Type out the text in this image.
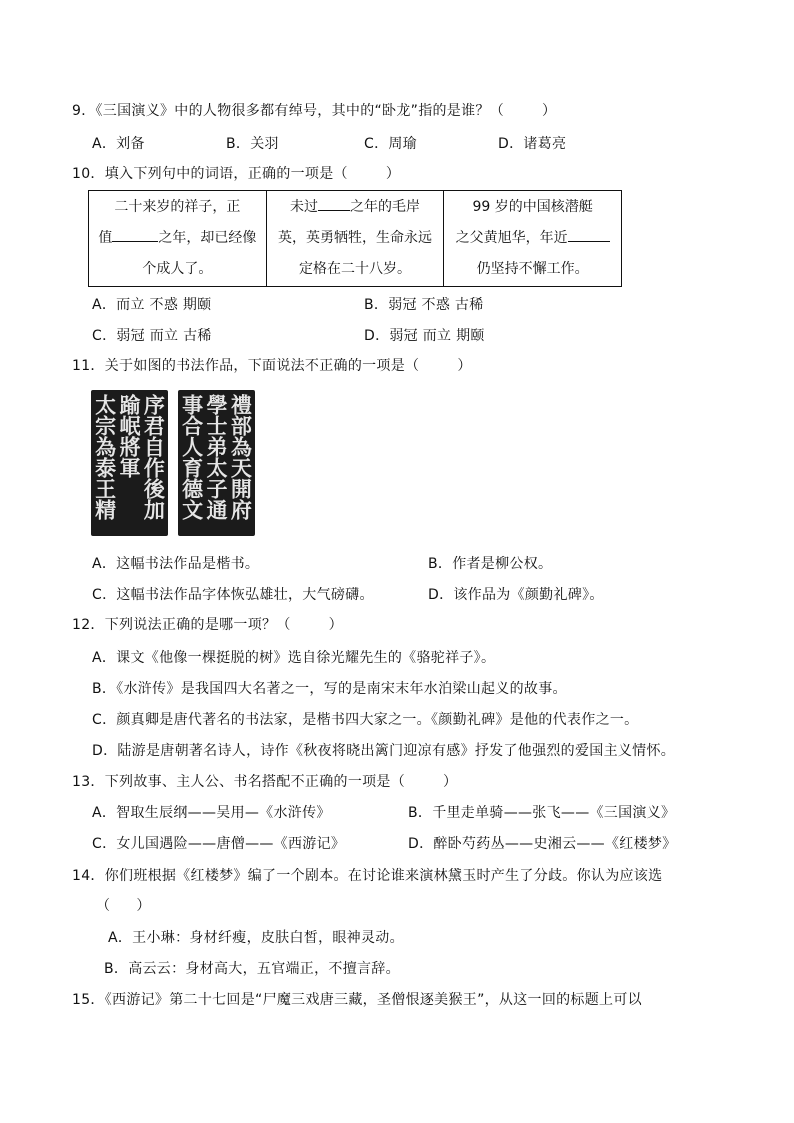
9．《三国演义》中的人物很多都有绰号，其中的“卧龙”指的是谁？（	）
A．刘备	B．关羽	C．周瑜	D．诸葛亮
10．填入下列句中的词语，正确的一项是（	）
二十来岁的祥子，正
值	之年，却已经像
个成人了。

未过 之年的毛岸
英，英勇牺牲，生命永远
定格在二十八岁。

99 岁的中国核潜艇
之父黄旭华，年近
仍坚持不懈工作。
A．而立 不惑 期颐	B．弱冠 不惑 古稀
C．弱冠 而立 古稀	D．弱冠 而立 期颐
11．关于如图的书法作品，下面说法不正确的一项是（	）
序君自作後加
踰岷將軍
太宗為泰王精	禮部為天開府
學士弟太子通
事合人育德文
A．这幅书法作品是楷书。	B．作者是柳公权。
C．这幅书法作品字体恢弘雄壮，大气磅礴。	D．该作品为《颜勤礼碑》。
12．下列说法正确的是哪一项？（	）
A．课文《他像一棵挺脱的树》选自徐光耀先生的《骆驼祥子》。
B．《水浒传》是我国四大名著之一，写的是南宋末年水泊梁山起义的故事。
C．颜真卿是唐代著名的书法家，是楷书四大家之一。《颜勤礼碑》是他的代表作之一。
D．陆游是唐朝著名诗人，诗作《秋夜将晓出篱门迎凉有感》抒发了他强烈的爱国主义情怀。
13．下列故事、主人公、书名搭配不正确的一项是（	）
A．智取生辰纲——吴用—《水浒传》	B．千里走单骑——张飞——《三国演义》
C．女儿国遇险——唐僧——《西游记》	D．醉卧芍药丛——史湘云——《红楼梦》
14．你们班根据《红楼梦》编了一个剧本。在讨论谁来演林黛玉时产生了分歧。你认为应该选
（ ）
A．王小琳：身材纤瘦，皮肤白皙，眼神灵动。
B．高云云：身材高大，五官端正，不擅言辞。
15．《西游记》第二十七回是“尸魔三戏唐三藏，圣僧恨逐美猴王”，从这一回的标题上可以
